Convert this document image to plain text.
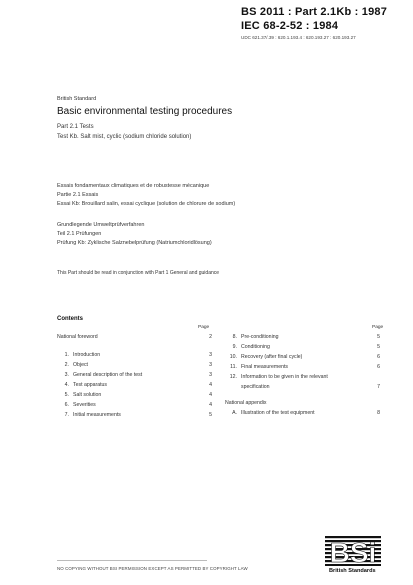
BS 2011 : Part 2.1Kb : 1987
IEC 68-2-52 : 1984
UDC 621.37/.39 : 620.1.193.4 : 620.193.27 : 620.193.27
British Standard
Basic environmental testing procedures
Part 2.1 Tests
Test Kb. Salt mist, cyclic (sodium chloride solution)
Essais fondamentaux climatiques et de robustesse mécanique
Partie 2.1 Essais
Essai Kb: Brouillard salin, essai cyclique (solution de chlorure de sodium)
Grundlegende Umweltprüfverfahren
Teil 2.1 Prüfungen
Prüfung Kb: Zyklische Salznebelprüfung (Natriumchloridlösung)
This Part should be read in conjunction with Part 1 General and guidance
Contents
Page	Page
National foreword	2
1. Introduction	3
2. Object	3
3. General description of the test	3
4. Test apparatus	4
5. Salt solution	4
6. Severities	4
7. Initial measurements	5
8. Pre-conditioning	5
9. Conditioning	5
10. Recovery (after final cycle)	6
11. Final measurements	6
12. Information to be given in the relevant
specification	7
National appendix
A. Illustration of the test equipment	8
NO COPYING WITHOUT BSI PERMISSION EXCEPT AS PERMITTED BY COPYRIGHT LAW
BSi
British Standards
